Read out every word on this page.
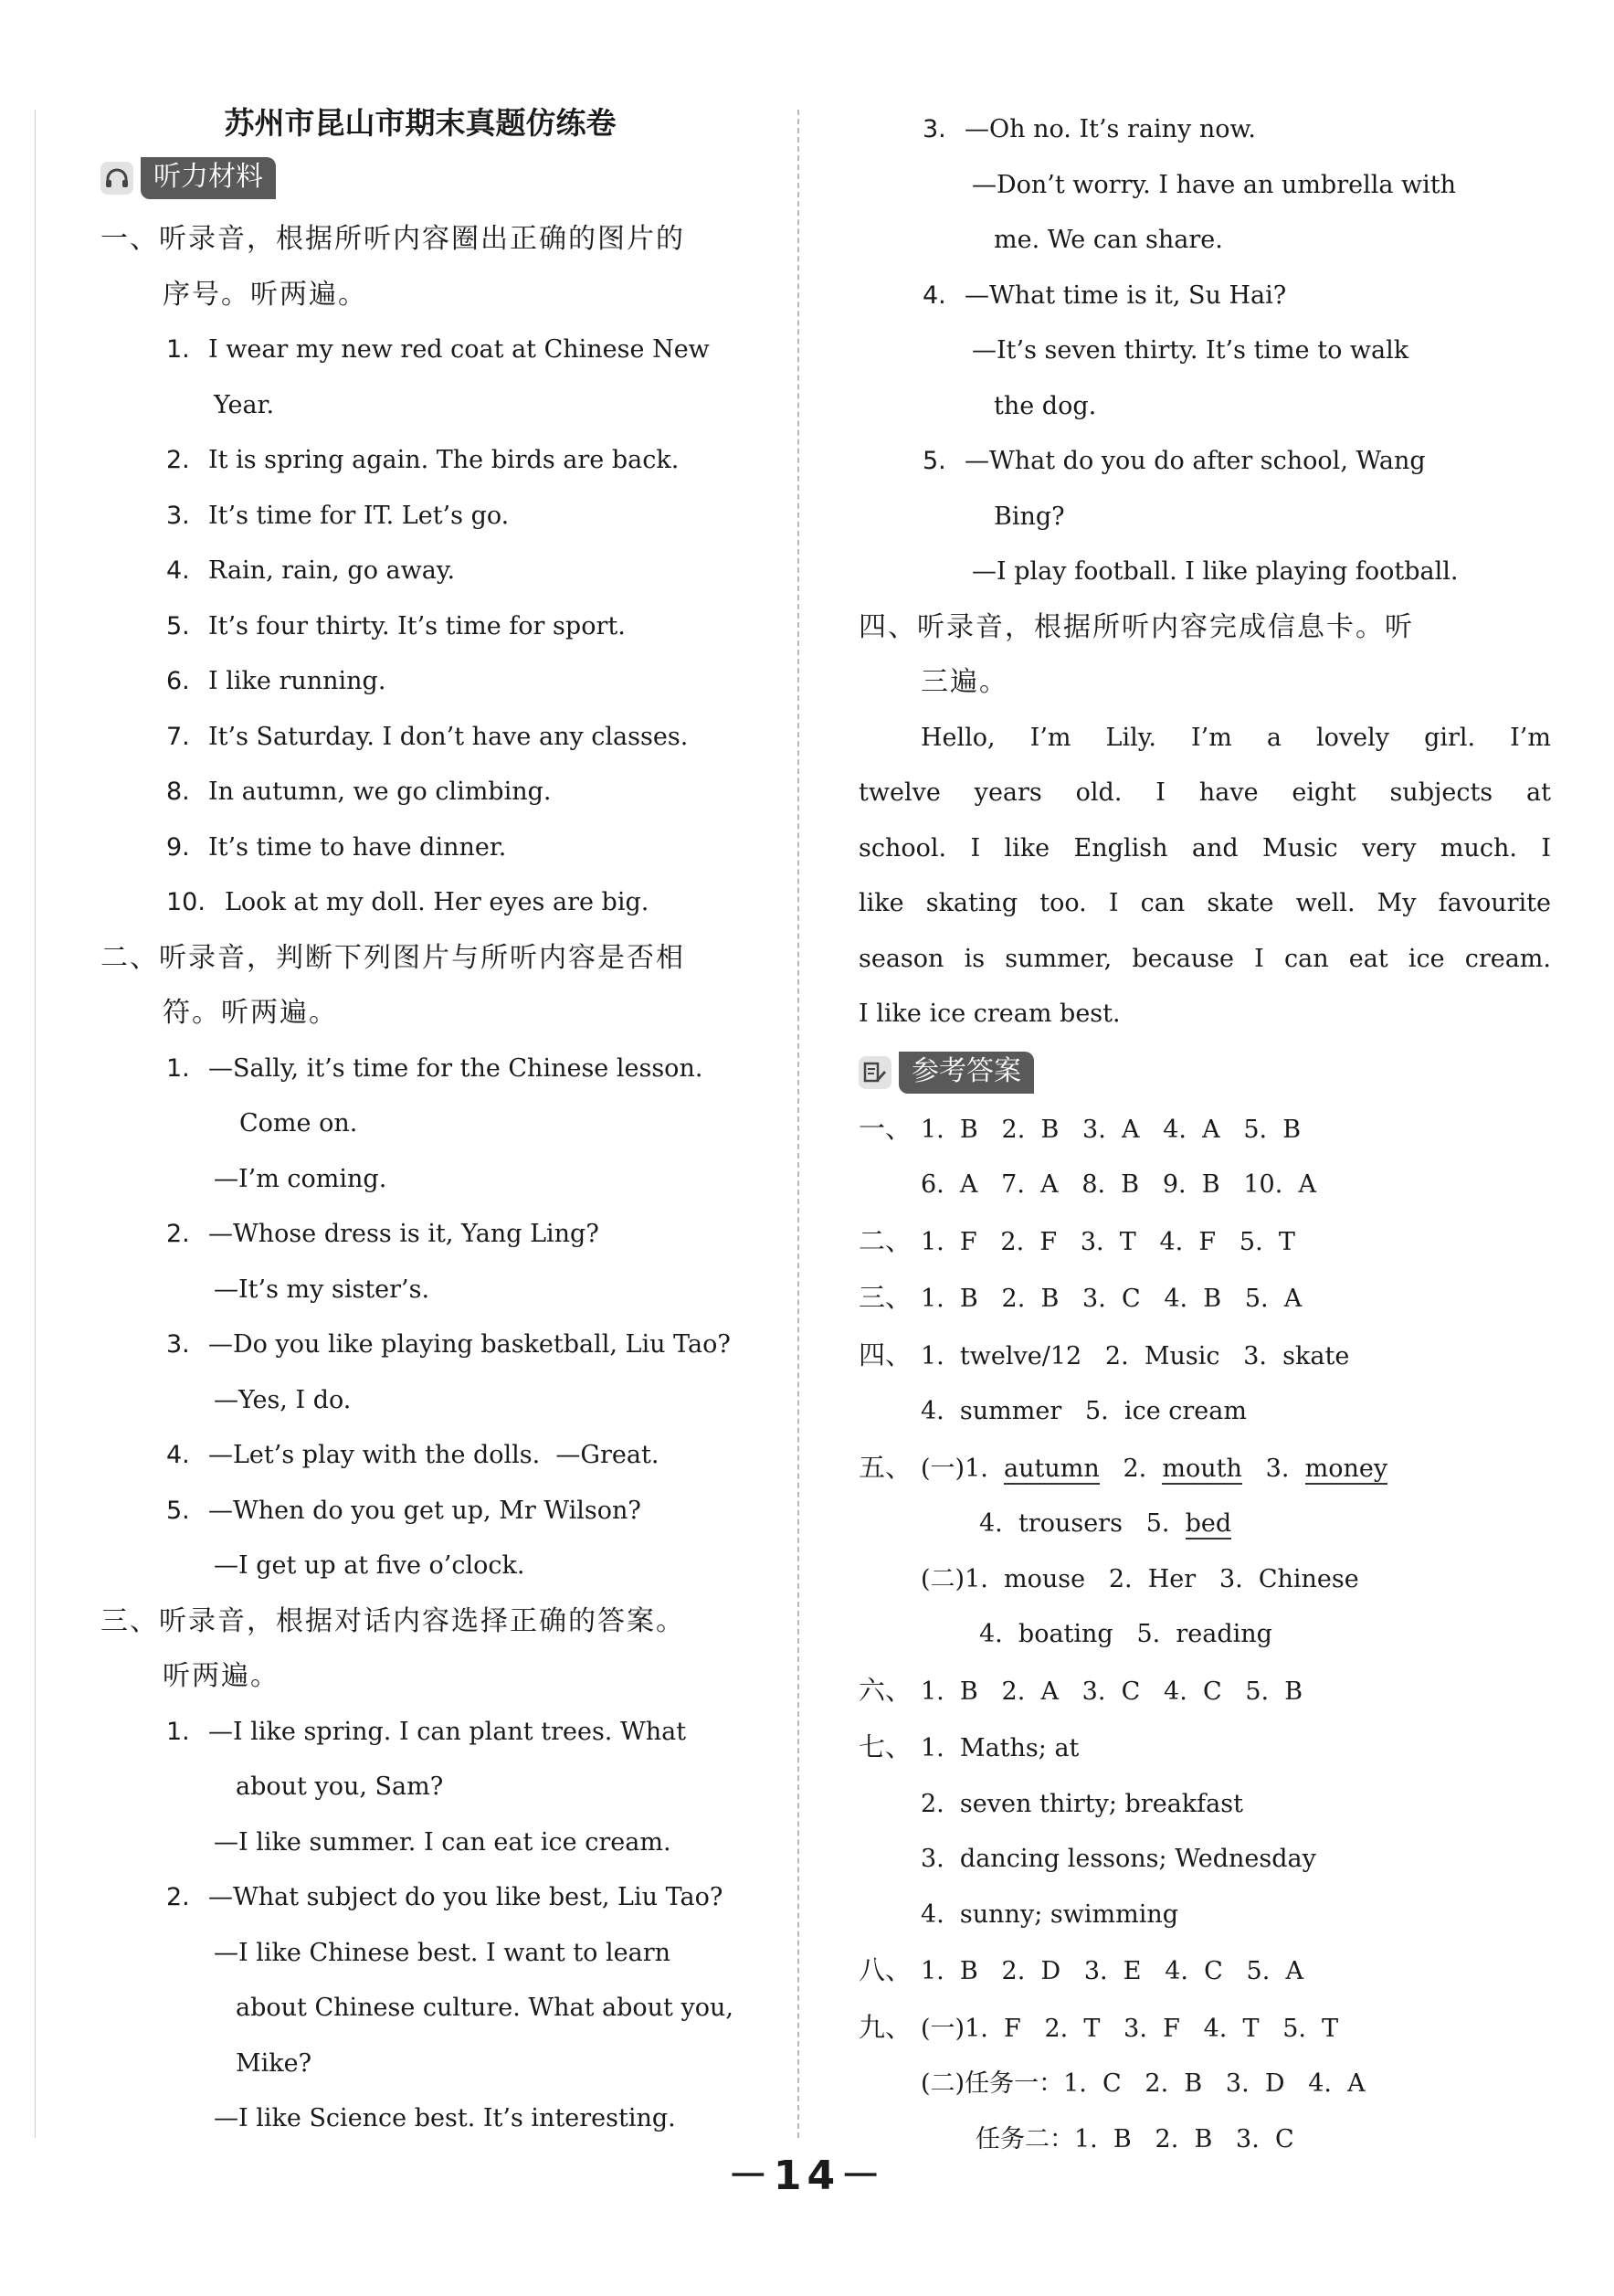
苏州市昆山市期末真题仿练卷
听力材料
一、听录音，根据所听内容圈出正确的图片的
序号。听两遍。
1. I wear my new red coat at Chinese New
Year.
2. It is spring again. The birds are back.
3. It’s time for IT. Let’s go.
4. Rain, rain, go away.
5. It’s four thirty. It’s time for sport.
6. I like running.
7. It’s Saturday. I don’t have any classes.
8. In autumn, we go climbing.
9. It’s time to have dinner.
10. Look at my doll. Her eyes are big.
二、听录音，判断下列图片与所听内容是否相
符。听两遍。
1. —Sally, it’s time for the Chinese lesson.
Come on.
—I’m coming.
2. —Whose dress is it, Yang Ling?
—It’s my sister’s.
3. —Do you like playing basketball, Liu Tao?
—Yes, I do.
4. —Let’s play with the dolls.  —Great.
5. —When do you get up, Mr Wilson?
—I get up at five o’clock.
三、听录音，根据对话内容选择正确的答案。
听两遍。
1. —I like spring. I can plant trees. What
about you, Sam?
—I like summer. I can eat ice cream.
2. —What subject do you like best, Liu Tao?
—I like Chinese best. I want to learn
about Chinese culture. What about you,
Mike?
—I like Science best. It’s interesting.
3. —Oh no. It’s rainy now.
—Don’t worry. I have an umbrella with
me. We can share.
4. —What time is it, Su Hai?
—It’s seven thirty. It’s time to walk
the dog.
5. —What do you do after school, Wang
Bing?
—I play football. I like playing football.
四、听录音，根据所听内容完成信息卡。听
三遍。
Hello, I’m Lily. I’m a lovely girl. I’m
twelve years old. I have eight subjects at
school. I like English and Music very much. I
like skating too. I can skate well. My favourite
season is summer, because I can eat ice cream.
I like ice cream best.
参考答案
一、 1.  B   2.  B   3.  A   4.  A   5.  B
6.  A   7.  A   8.  B   9.  B   10.  A
二、 1.  F   2.  F   3.  T   4.  F   5.  T
三、 1.  B   2.  B   3.  C   4.  B   5.  A
四、 1.  twelve/12   2.  Music   3.  skate
4.  summer   5.  ice cream
五、 (一)1. autumn 2. mouth 3. money
4. trousers 5. bed
(二)1.  mouse   2.  Her   3.  Chinese
4.  boating   5.  reading
六、 1.  B   2.  A   3.  C   4.  C   5.  B
七、 1.  Maths; at
2.  seven thirty; breakfast
3.  dancing lessons; Wednesday
4.  sunny; swimming
八、 1.  B   2.  D   3.  E   4.  C   5.  A
九、 (一)1.  F   2.  T   3.  F   4.  T   5.  T
(二)任务一：1.  C   2.  B   3.  D   4.  A
任务二：1.  B   2.  B   3.  C
－14－
